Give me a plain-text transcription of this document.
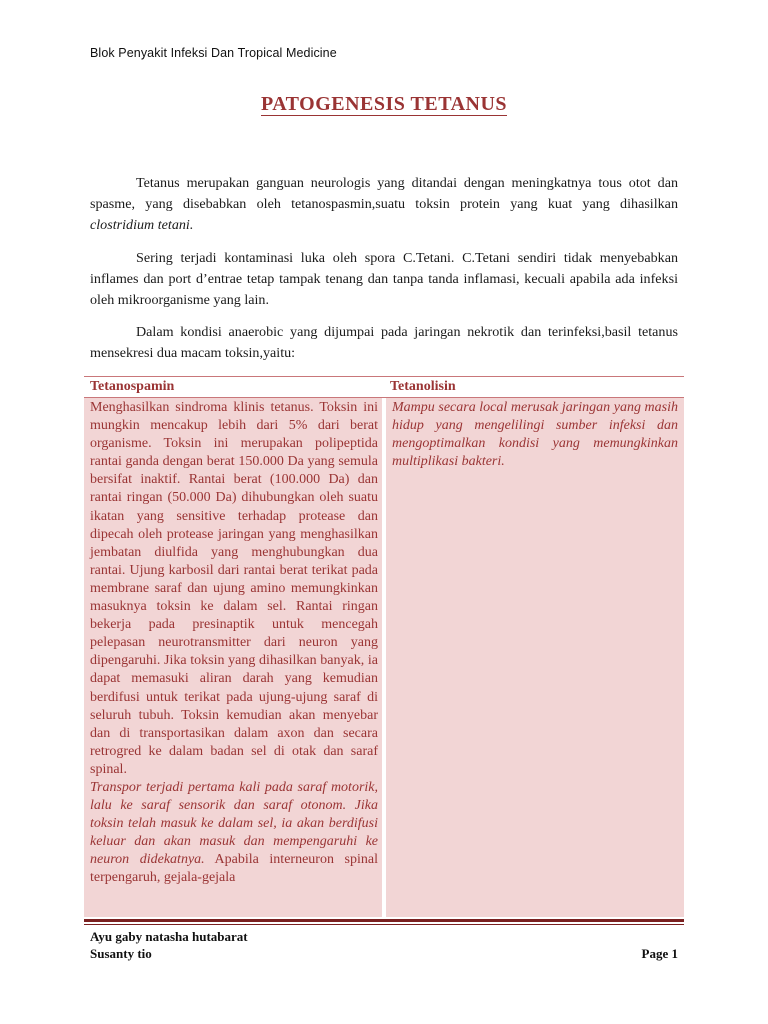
Blok Penyakit Infeksi Dan Tropical Medicine
PATOGENESIS TETANUS

Tetanus merupakan ganguan neurologis yang ditandai dengan meningkatnya tous otot dan spasme, yang disebabkan oleh tetanospasmin,suatu toksin protein yang kuat yang dihasilkan clostridium tetani.

Sering terjadi kontaminasi luka oleh spora C.Tetani. C.Tetani sendiri tidak menyebabkan inflames dan port d’entrae tetap tampak tenang dan tanpa tanda inflamasi, kecuali apabila ada infeksi oleh mikroorganisme yang lain.

Dalam kondisi anaerobic yang dijumpai pada jaringan nekrotik dan terinfeksi,basil tetanus mensekresi dua macam toksin,yaitu:

Tetanospamin	Tetanolisin

Menghasilkan sindroma klinis tetanus. Toksin ini mungkin mencakup lebih dari 5% dari berat organisme. Toksin ini merupakan polipeptida rantai ganda dengan berat 150.000 Da yang semula bersifat inaktif. Rantai berat (100.000 Da) dan rantai ringan (50.000 Da) dihubungkan oleh suatu ikatan yang sensitive terhadap protease dan dipecah oleh protease jaringan yang menghasilkan jembatan diulfida yang menghubungkan dua rantai. Ujung karbosil dari rantai berat terikat pada membrane saraf dan ujung amino memungkinkan masuknya toksin ke dalam sel. Rantai ringan bekerja pada presinaptik untuk mencegah pelepasan neurotransmitter dari neuron yang dipengaruhi. Jika toksin yang dihasilkan banyak, ia dapat memasuki aliran darah yang kemudian berdifusi untuk terikat pada ujung-ujung saraf di seluruh tubuh. Toksin kemudian akan menyebar dan di transportasikan dalam axon dan secara retrogred ke dalam badan sel di otak dan saraf spinal.
Transpor terjadi pertama kali pada saraf motorik, lalu ke saraf sensorik dan saraf otonom. Jika toksin telah masuk ke dalam sel, ia akan berdifusi keluar dan akan masuk dan mempengaruhi ke neuron didekatnya. Apabila interneuron spinal terpengaruh, gejala-gejala

Mampu secara local merusak jaringan yang masih hidup yang mengelilingi sumber infeksi dan mengoptimalkan kondisi yang memungkinkan multiplikasi bakteri.

Ayu gaby natasha hutabarat
Susanty tio	Page 1
